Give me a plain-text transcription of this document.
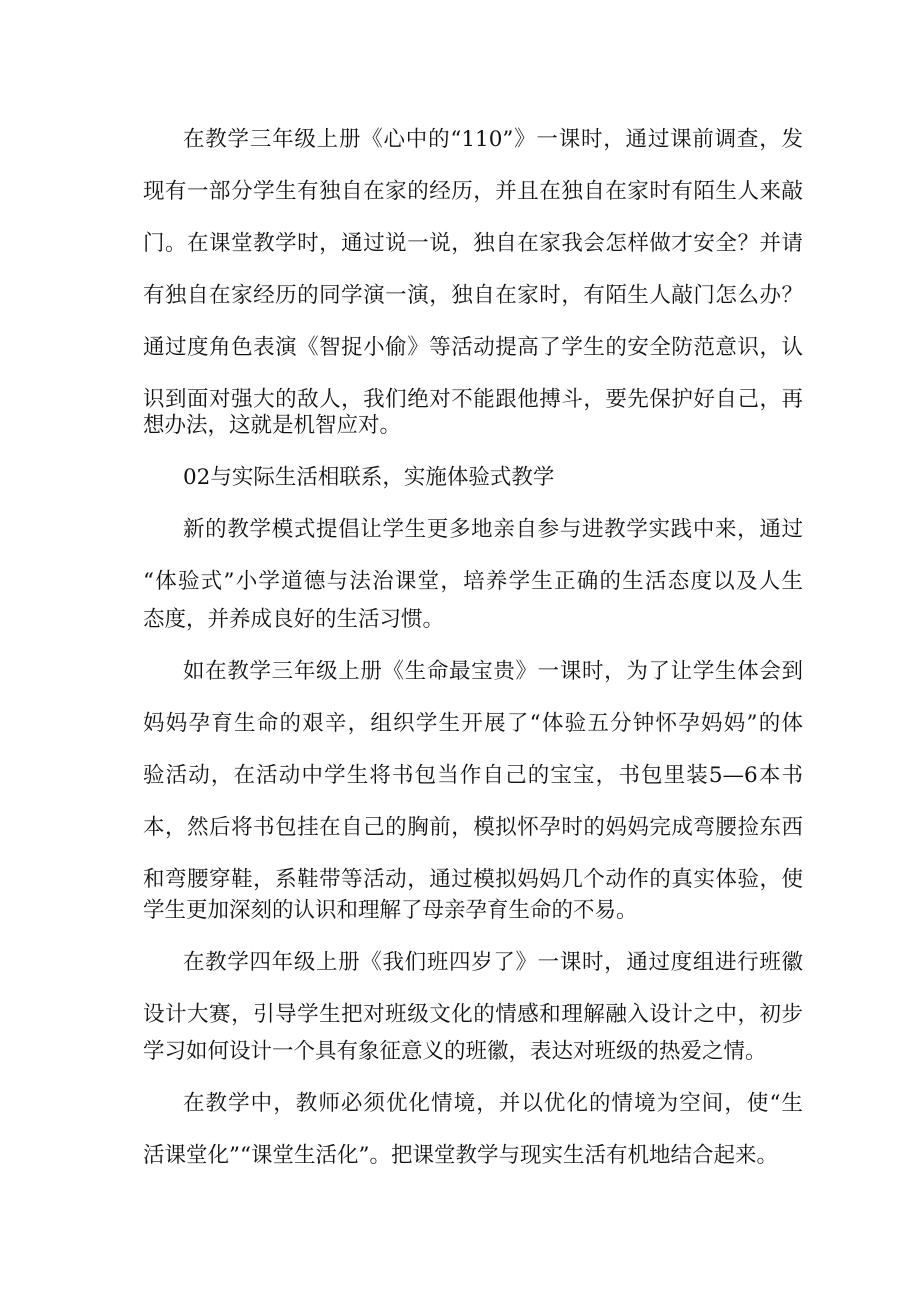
在教学三年级上册《心中的“110”》一课时，通过课前调查，发
现有一部分学生有独自在家的经历，并且在独自在家时有陌生人来敲
门。在课堂教学时，通过说一说，独自在家我会怎样做才安全？并请
有独自在家经历的同学演一演，独自在家时，有陌生人敲门怎么办？
通过度角色表演《智捉小偷》等活动提高了学生的安全防范意识，认
识到面对强大的敌人，我们绝对不能跟他搏斗，要先保护好自己，再
想办法，这就是机智应对。
02与实际生活相联系，实施体验式教学
新的教学模式提倡让学生更多地亲自参与进教学实践中来，通过
“体验式”小学道德与法治课堂，培养学生正确的生活态度以及人生
态度，并养成良好的生活习惯。
如在教学三年级上册《生命最宝贵》一课时，为了让学生体会到
妈妈孕育生命的艰辛，组织学生开展了“体验五分钟怀孕妈妈”的体
验活动，在活动中学生将书包当作自己的宝宝，书包里装5—6本书
本，然后将书包挂在自己的胸前，模拟怀孕时的妈妈完成弯腰捡东西
和弯腰穿鞋，系鞋带等活动，通过模拟妈妈几个动作的真实体验，使
学生更加深刻的认识和理解了母亲孕育生命的不易。
在教学四年级上册《我们班四岁了》一课时，通过度组进行班徽
设计大赛，引导学生把对班级文化的情感和理解融入设计之中，初步
学习如何设计一个具有象征意义的班徽，表达对班级的热爱之情。
在教学中，教师必须优化情境，并以优化的情境为空间，使“生
活课堂化”“课堂生活化”。把课堂教学与现实生活有机地结合起来。
